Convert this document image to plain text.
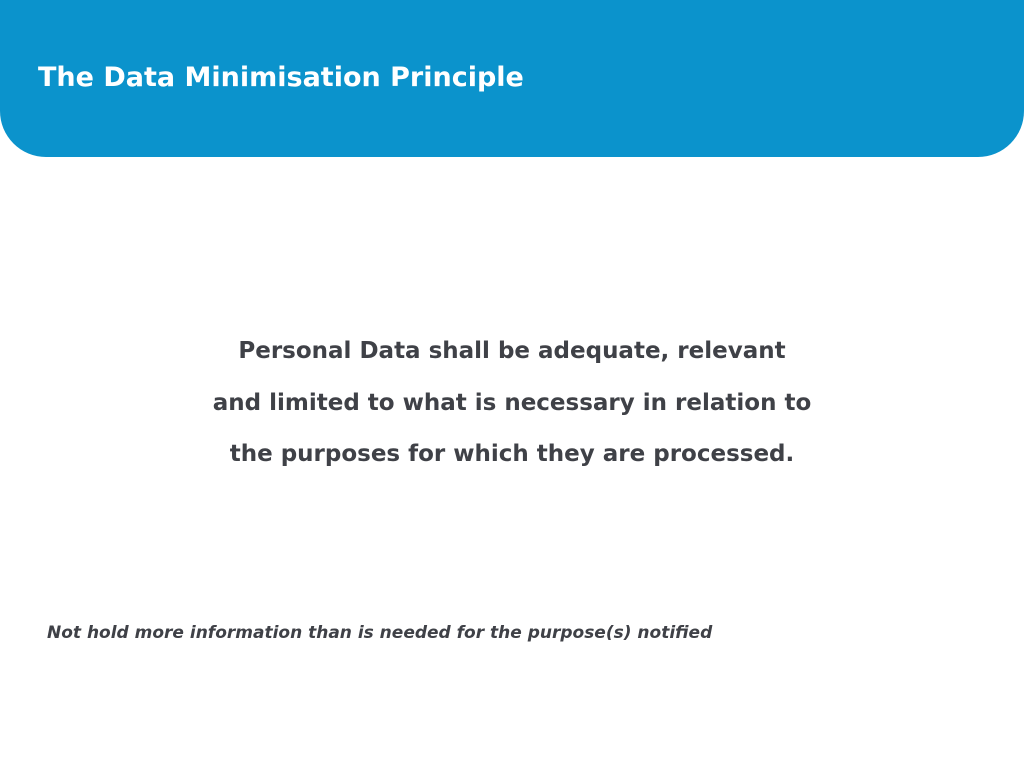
The Data Minimisation Principle

Personal Data shall be adequate, relevant and limited to what is necessary in relation to the purposes for which they are processed.

Not hold more information than is needed for the purpose(s) notified
